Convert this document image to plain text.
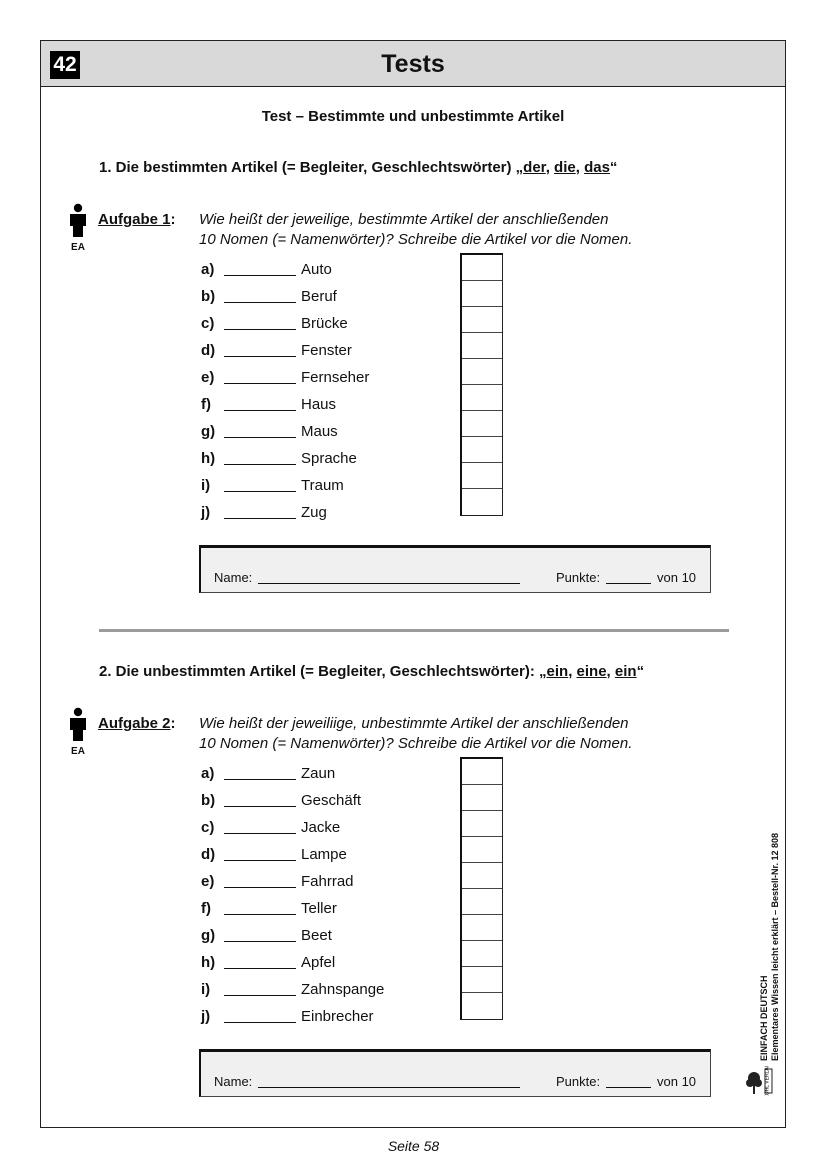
42	Tests
Test – Bestimmte und unbestimmte Artikel
1. Die bestimmten Artikel (= Begleiter, Geschlechtswörter) „der, die, das“
EA
Aufgabe 1: Wie heißt der jeweilige, bestimmte Artikel der anschließenden
10 Nomen (= Namenwörter)? Schreibe die Artikel vor die Nomen.
a)	Auto
b)	Beruf
c)	Brücke
d)	Fenster
e)	Fernseher
f)	Haus
g)	Maus
h)	Sprache
i)	Traum
j)	Zug
Name:	Punkte:	von 10
2. Die unbestimmten Artikel (= Begleiter, Geschlechtswörter): „ein, eine, ein“
EA
Aufgabe 2: Wie heißt der jeweiliige, unbestimmte Artikel der anschließenden
10 Nomen (= Namenwörter)? Schreibe die Artikel vor die Nomen.
a)	Zaun
b)	Geschäft
c)	Jacke
d)	Lampe
e)	Fahrrad
f)	Teller
g)	Beet
h)	Apfel
i)	Zahnspange
j)	Einbrecher
Name:	Punkte:	von 10
EINFACH DEUTSCH Elementares Wissen leicht erklärt – Bestell-Nr. 12 808
KOHL VERLAG
Seite 58
